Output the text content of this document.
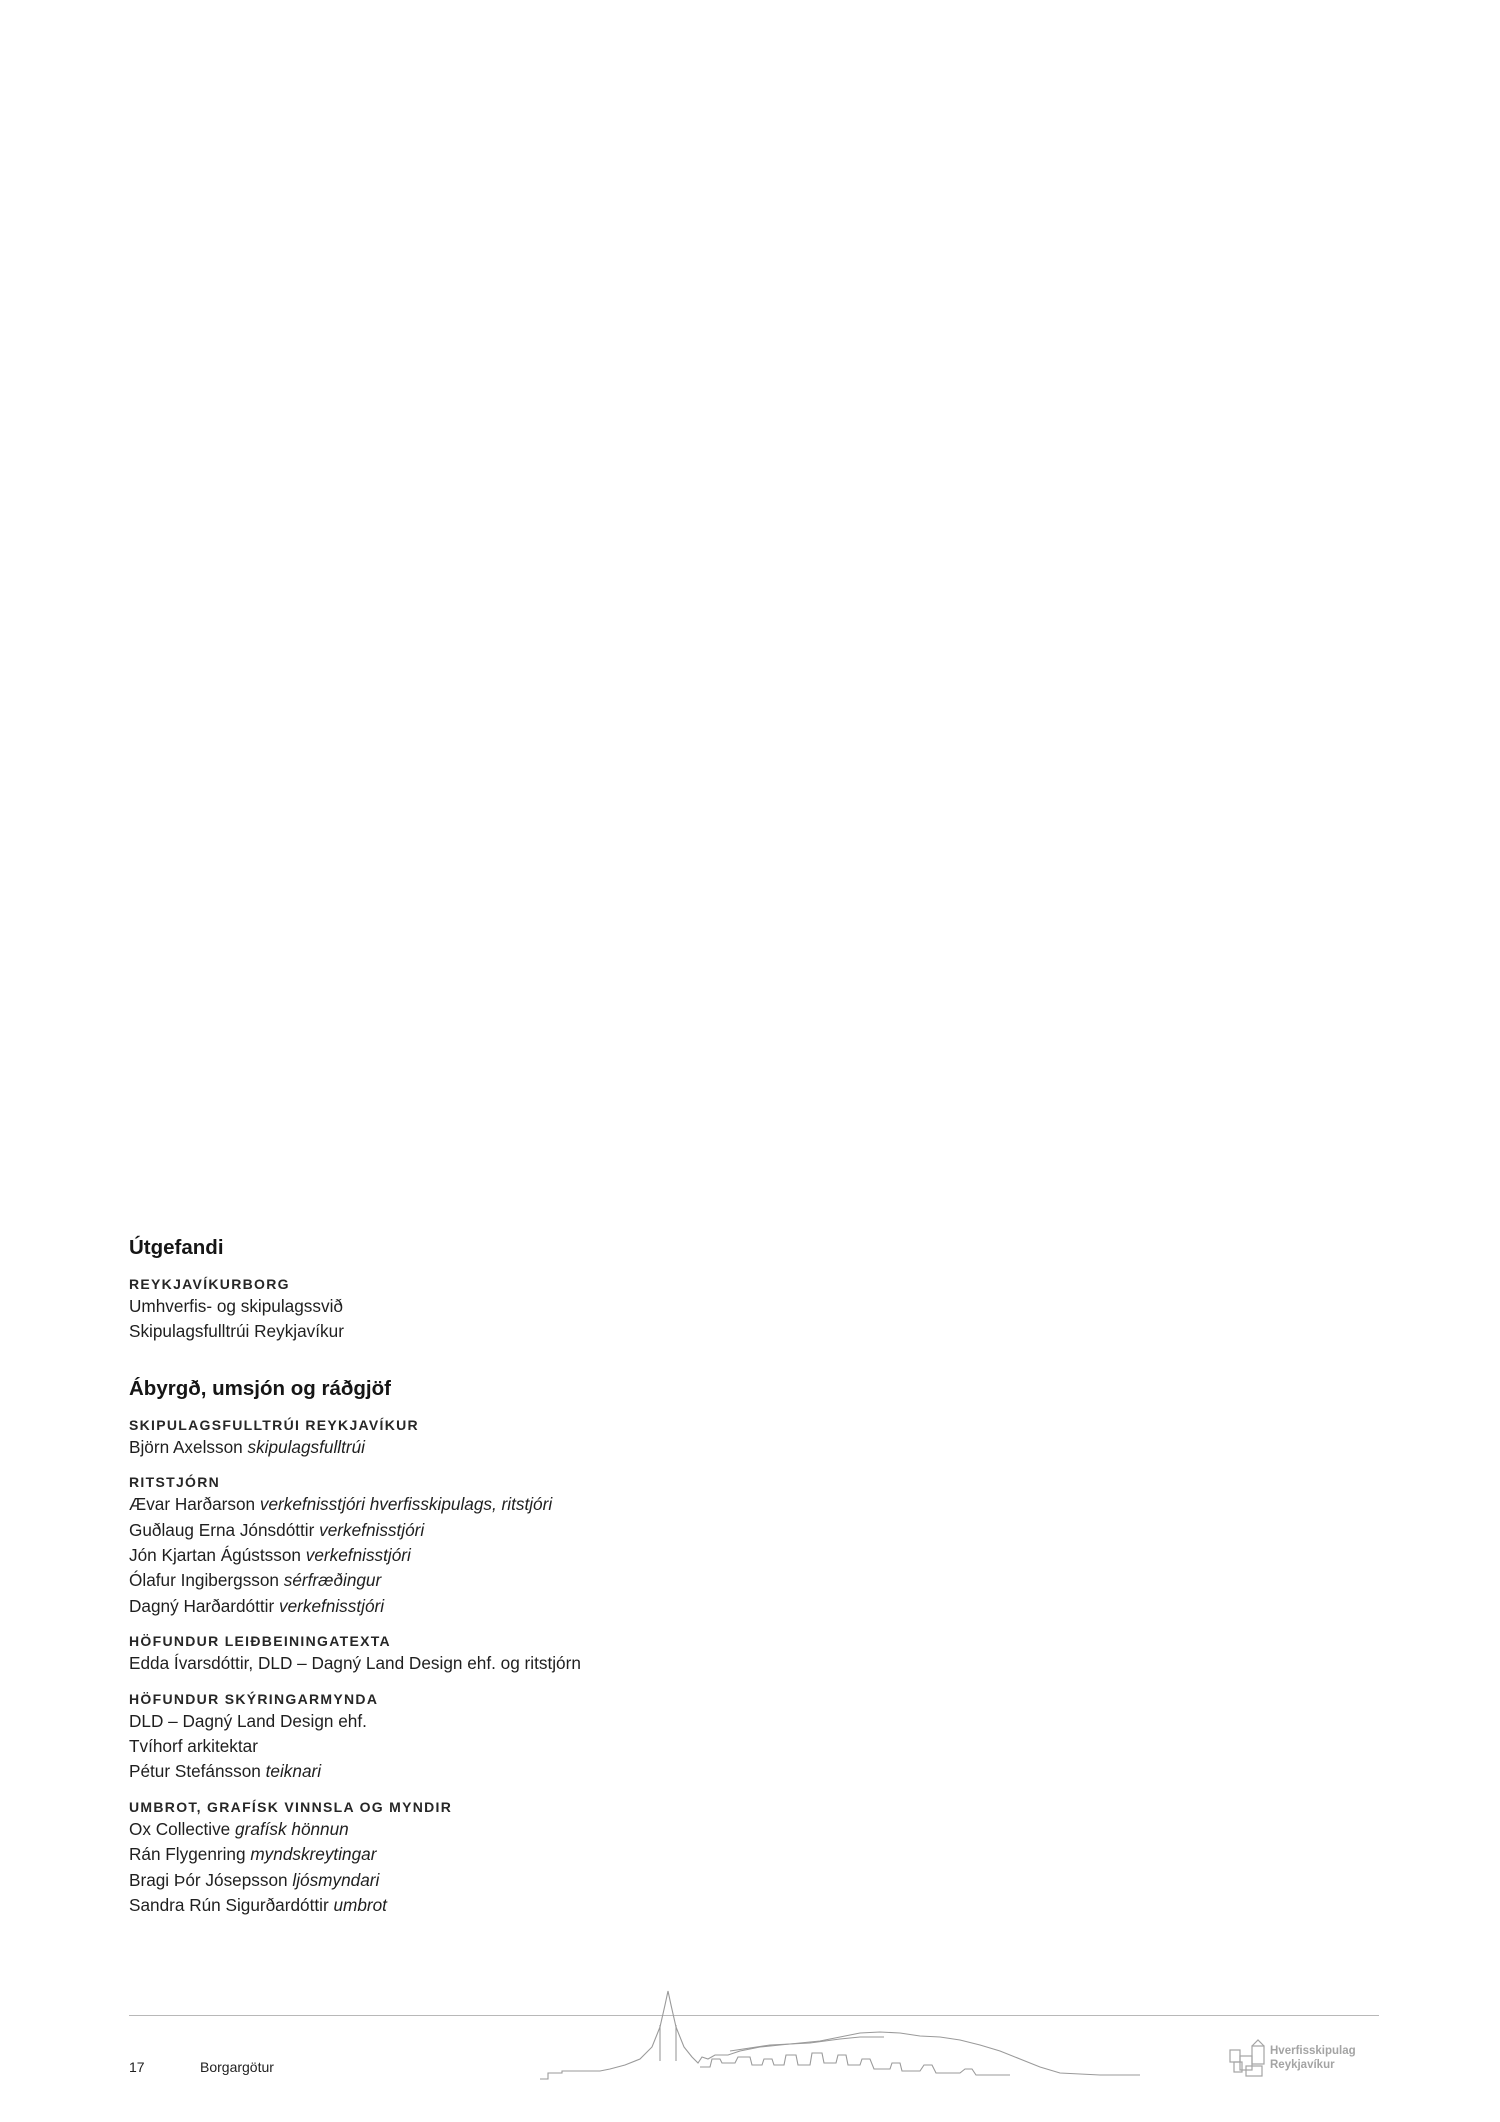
Útgefandi
REYKJAVÍKURBORG
Umhverfis- og skipulagssvið
Skipulagsfulltrúi Reykjavíkur
Ábyrgð, umsjón og ráðgjöf
SKIPULAGSFULLTRÚI REYKJAVÍKUR
Björn Axelsson skipulagsfulltrúi
RITSTJÓRN
Ævar Harðarson verkefnisstjóri hverfisskipulags, ritstjóri
Guðlaug Erna Jónsdóttir verkefnisstjóri
Jón Kjartan Ágústsson verkefnisstjóri
Ólafur Ingibergsson sérfræðingur
Dagný Harðardóttir verkefnisstjóri
HÖFUNDUR LEIÐBEININGATEXTA
Edda Ívarsdóttir, DLD – Dagný Land Design ehf. og ritstjórn
HÖFUNDUR SKÝRINGARMYNDA
DLD – Dagný Land Design ehf.
Tvíhorf arkitektar
Pétur Stefánsson teiknari
UMBROT, GRAFÍSK VINNSLA OG MYNDIR
Ox Collective grafísk hönnun
Rán Flygenring myndskreytingar
Bragi Þór Jósepsson ljósmyndari
Sandra Rún Sigurðardóttir umbrot
17	Borgargötur
Hverfisskipulag
Reykjavíkur
